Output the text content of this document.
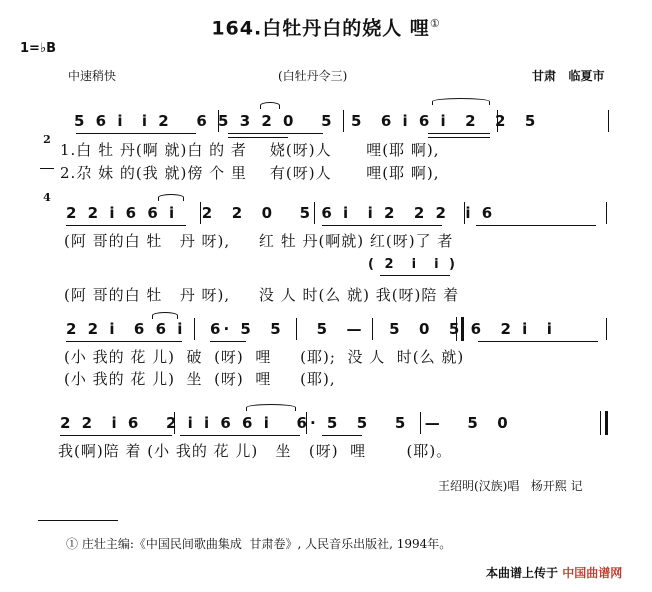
164.白牡丹白的娆人 哩①
1=♭B
中速稍快	(白牡丹令三)	甘肃   临夏市

2

4

5 6 i  i 2   6 5 3 2 0   5  5  6 i 6 i  2  2  5
1.白 牡 丹(啊 就)白 的 者    娆(呀)人      哩(耶 啊),
2.尕 妹 的(我 就)傍 个 里    有(呀)人      哩(耶 啊),
2 2 i 6 6 i   2  2  0   5 6 i  i 2  2 2  i 6
(阿 哥的白 牡   丹 呀),     红 牡 丹(啊就) 红(呀)了 者
( 2  i  i )
(阿 哥的白 牡   丹 呀),     没 人 时(么 就) 我(呀)陪 着
2 2 i  6 6 i   6· 5  5    5  —   5  0  5 6  2 i  i
(小 我的 花 儿)  破  (呀)  哩     (耶);  没 人  时(么 就)
(小 我的 花 儿)  坐  (呀)  哩     (耶),
2 2  i 6   2 i i 6 6 i   6· 5  5   5  —   5  0
我(啊)陪 着 (小 我的 花 儿)   坐   (呀)  哩       (耶)。
王绍明(汉族)唱   杨开熙 记
① 庄壮主编:《中国民间歌曲集成  甘肃卷》, 人民音乐出版社, 1994年。
本曲谱上传于 中国曲谱网
